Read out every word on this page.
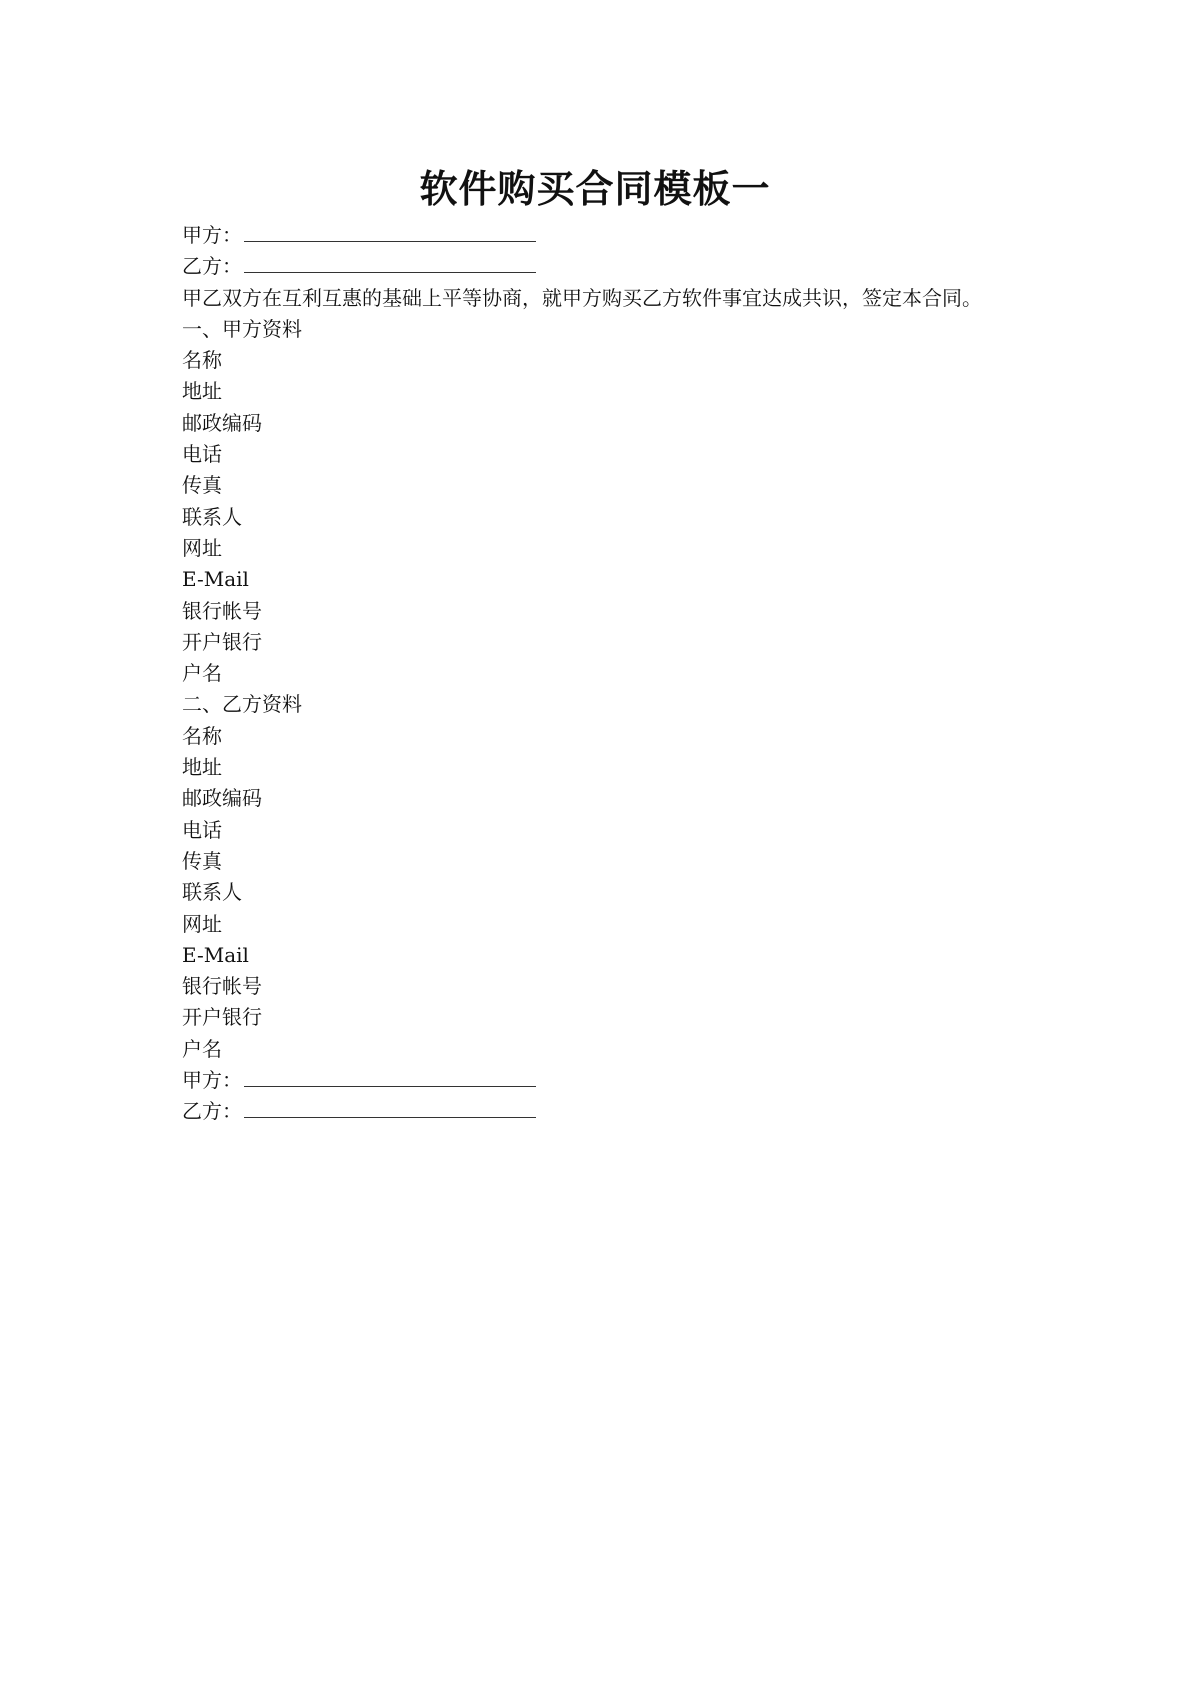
软件购买合同模板一
甲方：
乙方：
甲乙双方在互利互惠的基础上平等协商，就甲方购买乙方软件事宜达成共识，签定本合同。
一、甲方资料
名称
地址
邮政编码
电话
传真
联系人
网址
E-Mail
银行帐号
开户银行
户名
二、乙方资料
名称
地址
邮政编码
电话
传真
联系人
网址
E-Mail
银行帐号
开户银行
户名
甲方：
乙方：
